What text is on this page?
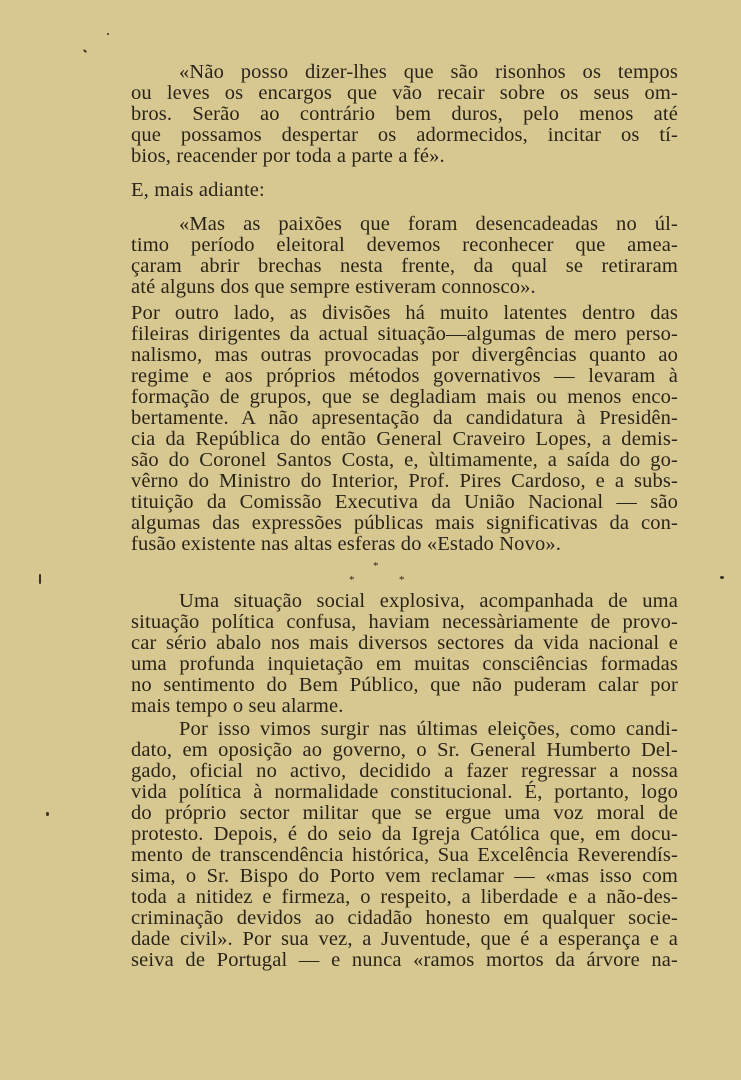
«Não posso dizer-lhes que são risonhos os tempos
ou leves os encargos que vão recair sobre os seus om-
bros. Serão ao contrário bem duros, pelo menos até
que possamos despertar os adormecidos, incitar os tí-
bios, reacender por toda a parte a fé».
E, mais adiante:
«Mas as paixões que foram desencadeadas no úl-
timo período eleitoral devemos reconhecer que amea-
çaram abrir brechas nesta frente, da qual se retiraram
até alguns dos que sempre estiveram connosco».
Por outro lado, as divisões há muito latentes dentro das
fileiras dirigentes da actual situação—algumas de mero perso-
nalismo, mas outras provocadas por divergências quanto ao
regime e aos próprios métodos governativos — levaram à
formação de grupos, que se degladiam mais ou menos enco-
bertamente. A não apresentação da candidatura à Presidên-
cia da República do então General Craveiro Lopes, a demis-
são do Coronel Santos Costa, e, ùltimamente, a saída do go-
vêrno do Ministro do Interior, Prof. Pires Cardoso, e a subs-
tituição da Comissão Executiva da União Nacional — são
algumas das expressões públicas mais significativas da con-
fusão existente nas altas esferas do «Estado Novo».
*
*	*
Uma situação social explosiva, acompanhada de uma
situação política confusa, haviam necessàriamente de provo-
car sério abalo nos mais diversos sectores da vida nacional e
uma profunda inquietação em muitas consciências formadas
no sentimento do Bem Público, que não puderam calar por
mais tempo o seu alarme.
Por isso vimos surgir nas últimas eleições, como candi-
dato, em oposição ao governo, o Sr. General Humberto Del-
gado, oficial no activo, decidido a fazer regressar a nossa
vida política à normalidade constitucional. É, portanto, logo
do próprio sector militar que se ergue uma voz moral de
protesto. Depois, é do seio da Igreja Católica que, em docu-
mento de transcendência histórica, Sua Excelência Reverendís-
sima, o Sr. Bispo do Porto vem reclamar — «mas isso com
toda a nitidez e firmeza, o respeito, a liberdade e a não-des-
criminação devidos ao cidadão honesto em qualquer socie-
dade civil». Por sua vez, a Juventude, que é a esperança e a
seiva de Portugal — e nunca «ramos mortos da árvore na-
